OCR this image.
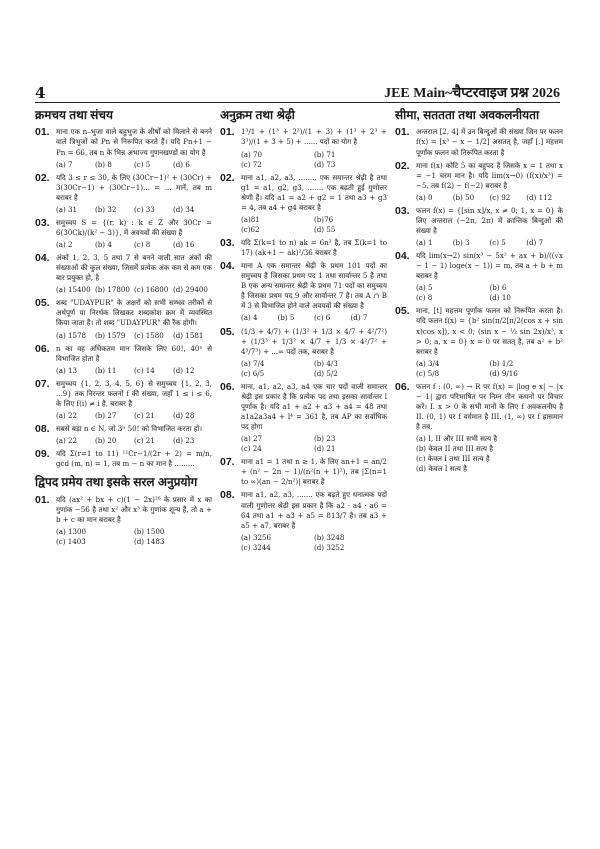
4	JEE Main~चैप्टरवाइज प्रश्न 2026
क्रमचय तथा संचय
01. माना एक n–भुजा वाले बहुभुज के शीर्षों को मिलाने से बनने वाले त्रिभुजों को Pn से निरूपित करते हैं। यदि Pn+1 − Pn = 66, तब n के भिन्न अभाज्य गुणनखण्डों का योग है
(a) 7	(b) 8	(c) 5	(d) 6
02. यदि 3 ≤ r ≤ 30, के लिए (30Cr−1)² + (30Cr) + 3(30Cr−1) + (30Cr−1)... = ... मानें, तब m बराबर है
(a) 31	(b) 32	(c) 33	(d) 34
03. समुच्चय S = {(r, k) : k ∈ Z और 30Cr = 6(30Ck)/(k² − 3)}, में अवयवों की संख्या है
(a) 2	(b) 4	(c) 8	(d) 16
04. अंकों 1, 2, 3, 5 तथा 7 से बनने वाली सात अंकों की संख्याओं की कुल संख्या, जिसमें प्रत्येक अंक कम से कम एक बार प्रयुक्त हो, है
(a) 15400 (b) 17800 (c) 16800 (d) 29400
05. शब्द "UDAYPUR" के अक्षरों को सभी सम्भव तरीकों से अर्थपूर्ण या निरर्थक लिखकर शब्दकोश क्रम में व्यवस्थित किया जाता है। तो शब्द "UDAYPUR" की रैंक होगी।
(a) 1578	(b) 1579	(c) 1580	(d) 1581
06. n का वह अधिकतम मान जिसके लिए 60!, 40ⁿ से विभाजित होता है
(a) 13	(b) 11	(c) 14	(d) 12
07. समुच्चय {1, 2, 3, 4, 5, 6} से समुच्चय {1, 2, 3, ...9} तक निरन्तर फलनों f की संख्या, जहाँ 1 ≤ i ≤ 6, के लिए f(i) ≠ i है, बराबर है
(a) 22	(b) 27	(c) 21	(d) 28
08. सबसे बड़ा n ∈ N, जो 3ⁿ 50! को विभाजित करता हो।
(a) 22	(b) 20	(c) 21	(d) 23
09. यदि Σ(r=1 to 11) ¹¹Cr−1/(2r + 2) = m/n, gcd (m, n) = 1, तब m − n का मान है .........
द्विपद प्रमेय तथा इसके सरल अनुप्रयोग
01. यदि (ax² + bx + c)(1 − 2x)²⁶ के प्रसार में x का गुणांक −56 है तथा x² और x³ के गुणांक शून्य हैं, तो a + b + c का मान बराबर है
(a) 1300	(b) 1500
(c) 1403	(d) 1483
अनुक्रम तथा श्रेढ़ी
01. 1³/1 + (1³ + 2³)/(1 + 3) + (1³ + 2³ + 3³)/(1 + 3 + 5) + ...... पदों का योग है
(a) 70	(b) 71
(c) 72	(d) 73
02. माना a1, a2, a3, ......., एक समान्तर श्रेढ़ी है तथा g1 = a1, g2, g3, ....... एक बढ़ती हुई गुणोत्तर श्रेणी हैं। यदि a1 = a2 + g2 = 1 तथा a3 + g3 = 4, तब a4 + g4 बराबर है
(a)81	(b)76
(c)62	(d) 55
03. यदि Σ(k=1 to n) ak = 6n³ है, तब Σ(k=1 to 17) (ak+1 − ak)²/36 बराबर है
04. माना A एक समान्तर श्रेढ़ी के प्रथम 101 पदों का समुच्चय है जिसका प्रथम पद 1 तथा सार्वान्तर 5 है तथा B एक अन्य समान्तर श्रेढ़ी के प्रथम 71 पदों का समुच्चय है जिसका प्रथम पद 9 और सार्वान्तर 7 है। तब A ∩ B में 3 से विभाजित होने वाले अवयवों की संख्या है
(a) 4	(b) 5	(c) 6	(d) 7
05. (1/3 + 4/7) + (1/3² + 1/3 × 4/7 + 4²/7²) + (1/3³ + 1/3² × 4/7 + 1/3 × 4²/7² + 4³/7³) + ...∞ पदों तक, बराबर है
(a) 7/4	(b) 4/3
(c) 6/5	(d) 5/2
06. माना, a1, a2, a3, a4 एक चार पदों वाली समान्तर श्रेढ़ी इस प्रकार है कि प्रत्येक पद तथा इसका सार्वान्तर l पूर्णांक है। यदि a1 + a2 + a3 + a4 = 48 तथा a1a2a3a4 + l⁴ = 361 है, तब AP का सर्वाधिक पद होगा
(a) 27	(b) 23
(c) 24	(d) 21
07. माना a1 = 1 तथा n ≥ 1, के लिए an+1 = an/2 + (n² − 2n − 1)/(n²(n + 1)²), तब |Σ(n=1 to ∞)(an − 2/n²)| बराबर है
08. माना a1, a2, a3, ....... एक बढ़ते हुए धनात्मक पदों वाली गुणोत्तर श्रेढ़ी इस प्रकार है कि a2 · a4 · a6 = 64 तथा a1 + a3 + a5 = 813/7 है। तब a3 + a5 + a7, बराबर है
(a) 3256	(b) 3248
(c) 3244	(d) 3252
सीमा, सततता तथा अवकलनीयता
01. अन्तराल [2, 4] में उन बिन्दुओं की संख्या जिन पर फलन f(x) = [x³ − x − 1/2] असतत् है, जहाँ [.] महत्तम पूर्णांक फलन को निरूपित करता है
02. माना f(x) कोटि 5 का बहुपद है जिसके x = 1 तथा x = −1 चरम मान है। यदि lim(x→0) (f(x)/x³) = −5, तब f(2) − f(−2) बराबर है
(a) 0	(b) 50	(c) 92	(d) 112
03. फलन f(x) = {[sin x]/x, x ≠ 0; 1, x = 0} के लिए अन्तराल (−2π, 2π) में क्रान्तिक बिन्दुओं की संख्या है
(a) 1	(b) 3	(c) 5	(d) 7
04. यदि lim(x→2) sin(x³ − 5x² + ax + b)/((√x − 1 − 1) loge(x − 1)) = m, तब a + b + m बराबर है
(a) 5	(b) 6
(c) 8	(d) 10
05. माना, [t] महत्तम पूर्णांक फलन को निरूपित करता है। यदि फलन f(x) = {b² sin(π/2[π/2(cos x + sin x)cos x]), x < 0; (sin x − ½ sin 2x)/x³, x > 0; a, x = 0} x = 0 पर सतत् है, तब a² + b² बराबर है
(a) 3/4	(b) 1/2
(c) 5/8	(d) 9/16
06. फलन f : (0, ∞) → R पर f(x) = |log e x| − |x − 1| द्वारा परिभाषित पर निम्न तीन कथनों पर विचार करें। I. x > 0 के सभी मानों के लिए f अवकलनीय है II. (0, 1) पर f वर्धमान है III. (1, ∞) पर f ह्रासमान है तब,
(a) I, II और III सभी सत्य है
(b) केवल II तथा III सत्य है
(c) केवल I तथा III सत्य है
(d) केवल I सत्य है
